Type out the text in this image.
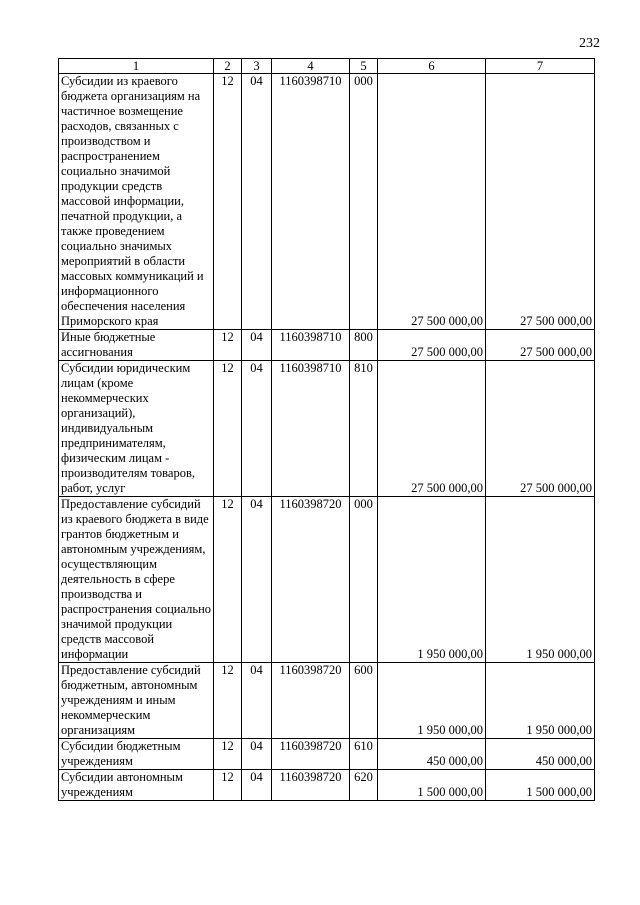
232
1	2	3	4	5	6	7
Субсидии из краевого бюджета организациям на частичное возмещение расходов, связанных с производством и распространением социально значимой продукции средств массовой информации, печатной продукции, а также проведением социально значимых мероприятий в области массовых коммуникаций и информационного обеспечения населения Приморского края	12	04	1160398710	000	27 500 000,00	27 500 000,00
Иные бюджетные ассигнования	12	04	1160398710	800	27 500 000,00	27 500 000,00
Субсидии юридическим лицам (кроме некоммерческих организаций), индивидуальным предпринимателям, физическим лицам - производителям товаров, работ, услуг	12	04	1160398710	810	27 500 000,00	27 500 000,00
Предоставление субсидий из краевого бюджета в виде грантов бюджетным и автономным учреждениям, осуществляющим деятельность в сфере производства и распространения социально значимой продукции средств массовой информации	12	04	1160398720	000	1 950 000,00	1 950 000,00
Предоставление субсидий бюджетным, автономным учреждениям и иным некоммерческим организациям	12	04	1160398720	600	1 950 000,00	1 950 000,00
Субсидии бюджетным учреждениям	12	04	1160398720	610	450 000,00	450 000,00
Субсидии автономным учреждениям	12	04	1160398720	620	1 500 000,00	1 500 000,00
